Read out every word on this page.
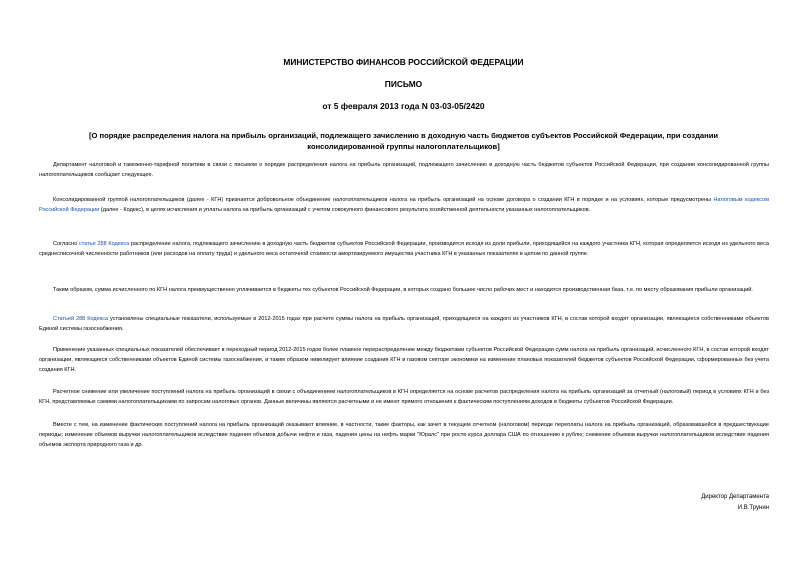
МИНИСТЕРСТВО ФИНАНСОВ РОССИЙСКОЙ ФЕДЕРАЦИИ
ПИСЬМО
от 5 февраля 2013 года N 03-03-05/2420
[О порядке распределения налога на прибыль организаций, подлежащего зачислению в доходную часть бюджетов субъектов Российской Федерации, при создании консолидированной группы налогоплательщиков]
Департамент налоговой и таможенно-тарифной политики в связи с письмом о порядке распределения налога на прибыль организаций, подлежащего зачислению в доходную часть бюджетов субъектов Российской Федерации, при создании консолидированной группы налогоплательщиков сообщает следующее.
Консолидированной группой налогоплательщиков (далее - КГН) признается добровольное объединение налогоплательщиков налога на прибыль организаций на основе договора о создании КГН в порядке и на условиях, которые предусмотрены Налоговым кодексом Российской Федерации (далее - Кодекс), в целях исчисления и уплаты налога на прибыль организаций с учетом совокупного финансового результата хозяйственной деятельности указанных налогоплательщиков.
Согласно статье 288 Кодекса распределение налога, подлежащего зачислению в доходную часть бюджетов субъектов Российской Федерации, производится исходя из доли прибыли, приходящейся на каждого участника КГН, которая определяется исходя из удельного веса среднесписочной численности работников (или расходов на оплату труда) и удельного веса остаточной стоимости амортизируемого имущества участника КГН в указанных показателях в целом по данной группе.
Таким образом, сумма исчисленного по КГН налога преимущественно уплачивается в бюджеты тех субъектов Российской Федерации, в которых создано большее число рабочих мест и находится производственная база, т.е. по месту образования прибыли организаций.
Статьей 288 Кодекса установлены специальные показатели, используемые в 2012-2015 годах при расчете суммы налога на прибыль организаций, приходящиеся на каждого из участников КГН, в состав которой входят организации, являющиеся собственниками объектов Единой системы газоснабжения.
Применение указанных специальных показателей обеспечивает в переходный период 2012-2015 годов более плавное перераспределение между бюджетами субъектов Российской Федерации сумм налога на прибыль организаций, исчисленного КГН, в состав которой входят организации, являющиеся собственниками объектов Единой системы газоснабжения, и таким образом нивелирует влияние создания КГН в газовом секторе экономики на изменение плановых показателей бюджетов субъектов Российской Федерации, сформированных без учета создания КГН.
Расчетное снижение или увеличение поступлений налога на прибыль организаций в связи с объединением налогоплательщиков в КГН определяется на основе расчетов распределения налога на прибыль организаций за отчетный (налоговый) период в условиях КГН и без КГН, представляемых самими налогоплательщиками по запросам налоговых органов. Данные величины являются расчетными и не имеют прямого отношения к фактическим поступлениям доходов в бюджеты субъектов Российской Федерации.
Вместе с тем, на изменение фактических поступлений налога на прибыль организаций оказывают влияние, в частности, такие факторы, как зачет в текущем отчетном (налоговом) периоде переплаты налога на прибыль организаций, образовавшейся в предшествующие периоды; изменение объемов выручки налогоплательщиков вследствие падения объемов добычи нефти и газа, падения цены на нефть марки "Юралс" при росте курса доллара США по отношению к рублю; снижение объемов выручки налогоплательщиков вследствие падения объемов экспорта природного газа и др.
Директор Департамента
И.В.Трунин
